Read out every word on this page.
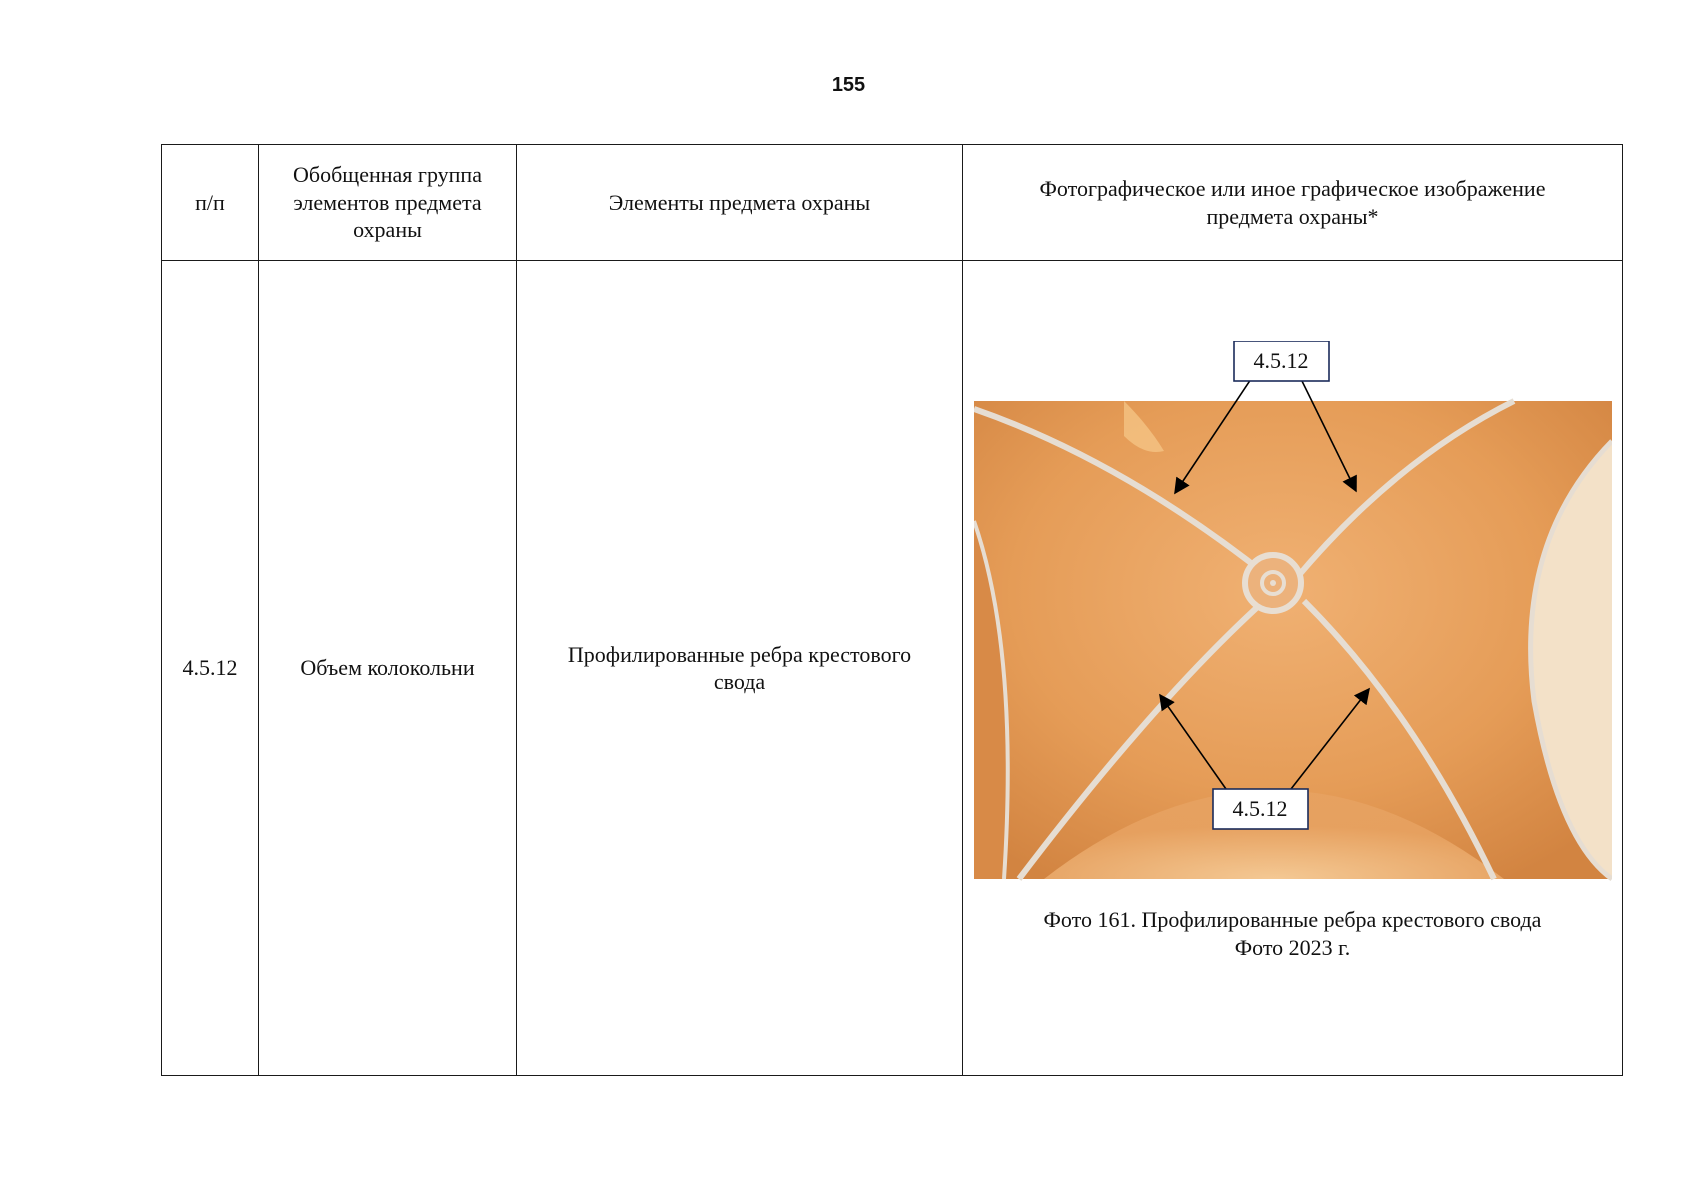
155
п/п	Обобщенная группа элементов предмета охраны	Элементы предмета охраны	Фотографическое или иное графическое изображение предмета охраны*
4.5.12	Объем колокольни	Профилированные ребра крестового свода	4.5.12
4.5.12
Фото 161. Профилированные ребра крестового свода
Фото 2023 г.
